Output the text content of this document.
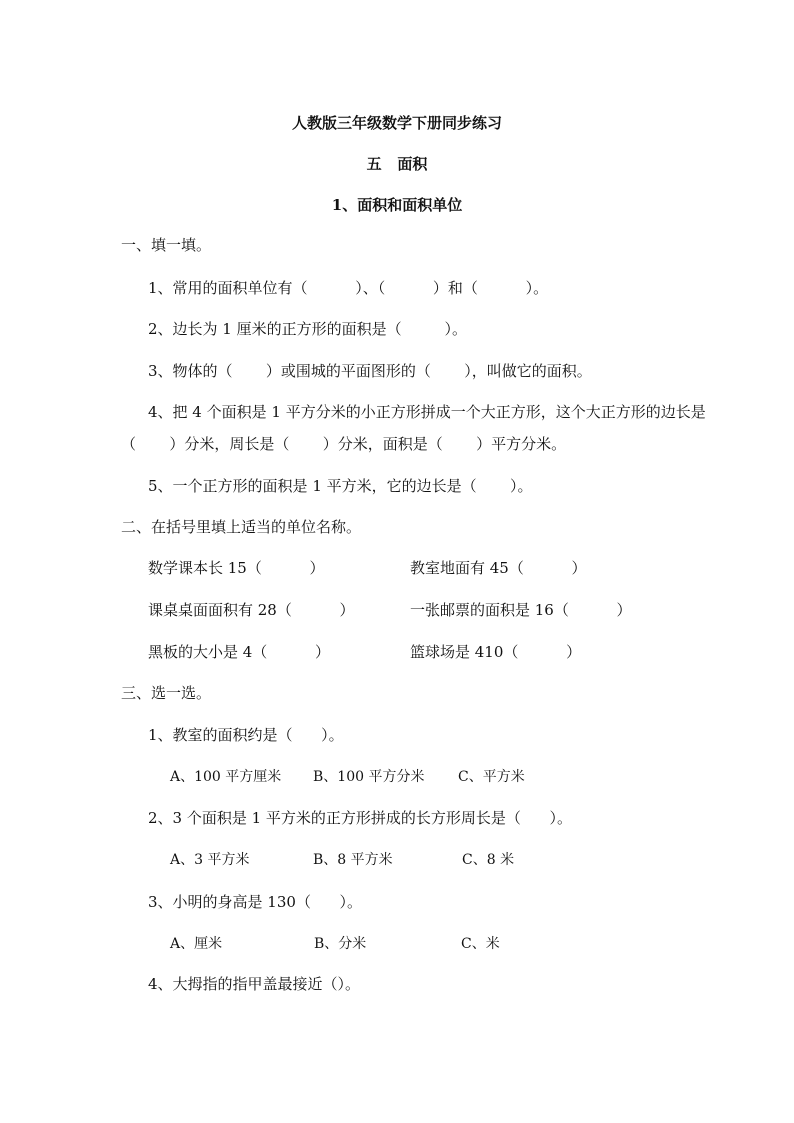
人教版三年级数学下册同步练习
五   面积
1、面积和面积单位
一、填一填。
1、常用的面积单位有（          ）、（          ）和（          ）。
2、边长为 1 厘米的正方形的面积是（         ）。
3、物体的（       ）或围城的平面图形的（       ），叫做它的面积。
4、把 4 个面积是 1 平方分米的小正方形拼成一个大正方形，这个大正方形的边长是
（       ）分米，周长是（       ）分米，面积是（       ）平方分米。
5、一个正方形的面积是 1 平方米，它的边长是（       ）。
二、在括号里填上适当的单位名称。
数学课本长 15（          ）	教室地面有 45（          ）
课桌桌面面积有 28（          ）	一张邮票的面积是 16（          ）
黑板的大小是 4（          ）	篮球场是 410（          ）
三、选一选。
1、教室的面积约是（      ）。
A、100 平方厘米 B、100 平方分米 C、平方米
2、3 个面积是 1 平方米的正方形拼成的长方形周长是（      ）。
A、3 平方米	B、8 平方米	C、8 米
3、小明的身高是 130（      ）。
A、厘米	B、分米	C、米
4、大拇指的指甲盖最接近（）。
